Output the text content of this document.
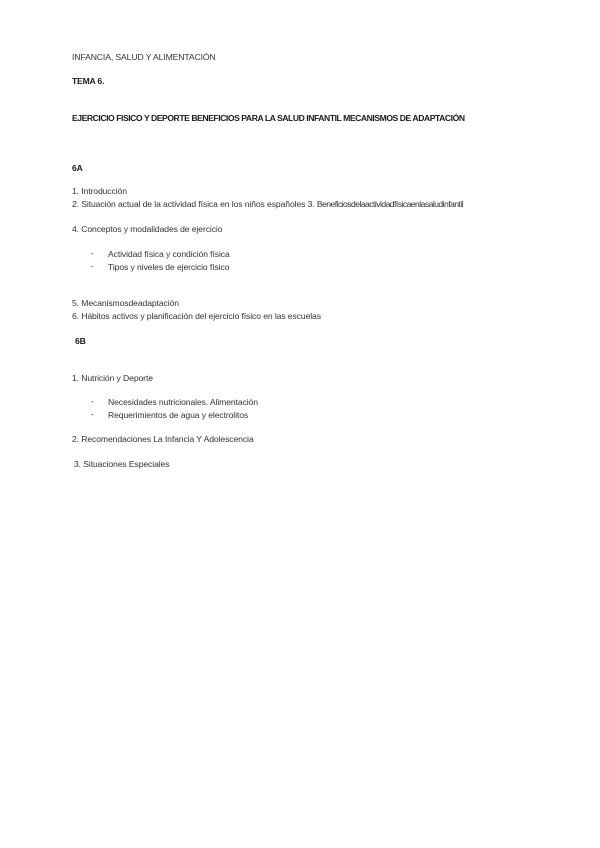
INFANCIA, SALUD Y ALIMENTACIÓN
TEMA 6.
EJERCICIO FISICO Y DEPORTE BENEFICIOS PARA LA SALUD INFANTIL MECANISMOS DE ADAPTACIÓN
6A
1. Introducción
2. Situación actual de la actividad física en los niños españoles 3. Beneficiosdelaactividadfísicaenlasaludinfantil
4. Conceptos y modalidades de ejercicio
- Actividad física y condición física
- Tipos y niveles de ejercicio físico
5. Mecanismosdeadaptación
6. Hábitos activos y planificación del ejercicio físico en las escuelas
6B
1. Nutrición y Deporte
- Necesidades nutricionales. Alimentación
- Requerimientos de agua y electrolitos
2. Recomendaciones La Infancia Y Adolescencia
3. Situaciones Especiales
